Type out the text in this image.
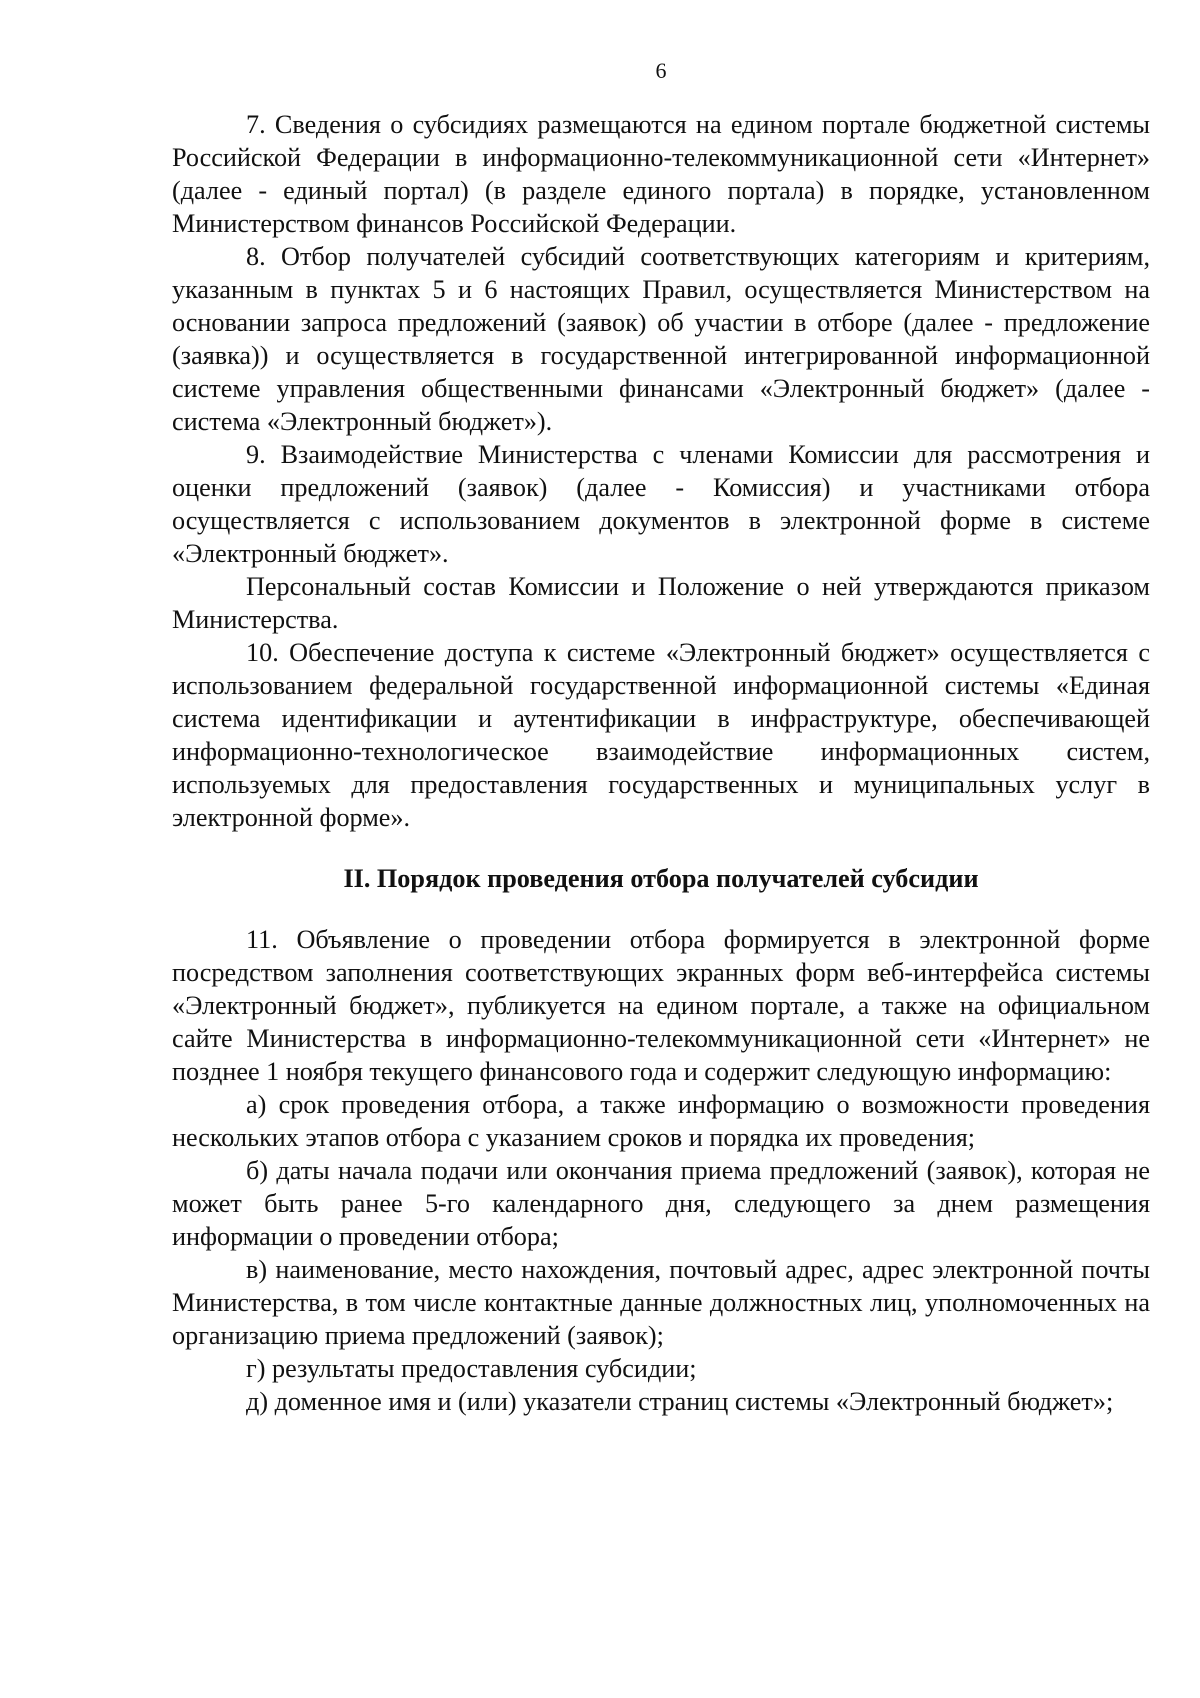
6

7. Сведения о субсидиях размещаются на едином портале бюджетной системы Российской Федерации в информационно-телекоммуникационной сети «Интернет» (далее - единый портал) (в разделе единого портала) в порядке, установленном Министерством финансов Российской Федерации.

8. Отбор получателей субсидий соответствующих категориям и критериям, указанным в пунктах 5 и 6 настоящих Правил, осуществляется Министерством на основании запроса предложений (заявок) об участии в отборе (далее - предложение (заявка)) и осуществляется в государственной интегрированной информационной системе управления общественными финансами «Электронный бюджет» (далее - система «Электронный бюджет»).

9. Взаимодействие Министерства с членами Комиссии для рассмотрения и оценки предложений (заявок) (далее - Комиссия) и участниками отбора осуществляется с использованием документов в электронной форме в системе «Электронный бюджет».

Персональный состав Комиссии и Положение о ней утверждаются приказом Министерства.

10. Обеспечение доступа к системе «Электронный бюджет» осуществляется с использованием федеральной государственной информационной системы «Единая система идентификации и аутентификации в инфраструктуре, обеспечивающей информационно-технологическое взаимодействие информационных систем, используемых для предоставления государственных и муниципальных услуг в электронной форме».

II. Порядок проведения отбора получателей субсидии

11. Объявление о проведении отбора формируется в электронной форме посредством заполнения соответствующих экранных форм веб-интерфейса системы «Электронный бюджет», публикуется на едином портале, а также на официальном сайте Министерства в информационно-телекоммуникационной сети «Интернет» не позднее 1 ноября текущего финансового года и содержит следующую информацию:

а) срок проведения отбора, а также информацию о возможности проведения нескольких этапов отбора с указанием сроков и порядка их проведения;

б) даты начала подачи или окончания приема предложений (заявок), которая не может быть ранее 5-го календарного дня, следующего за днем размещения информации о проведении отбора;

в) наименование, место нахождения, почтовый адрес, адрес электронной почты Министерства, в том числе контактные данные должностных лиц, уполномоченных на организацию приема предложений (заявок);

г) результаты предоставления субсидии;

д) доменное имя и (или) указатели страниц системы «Электронный бюджет»;
